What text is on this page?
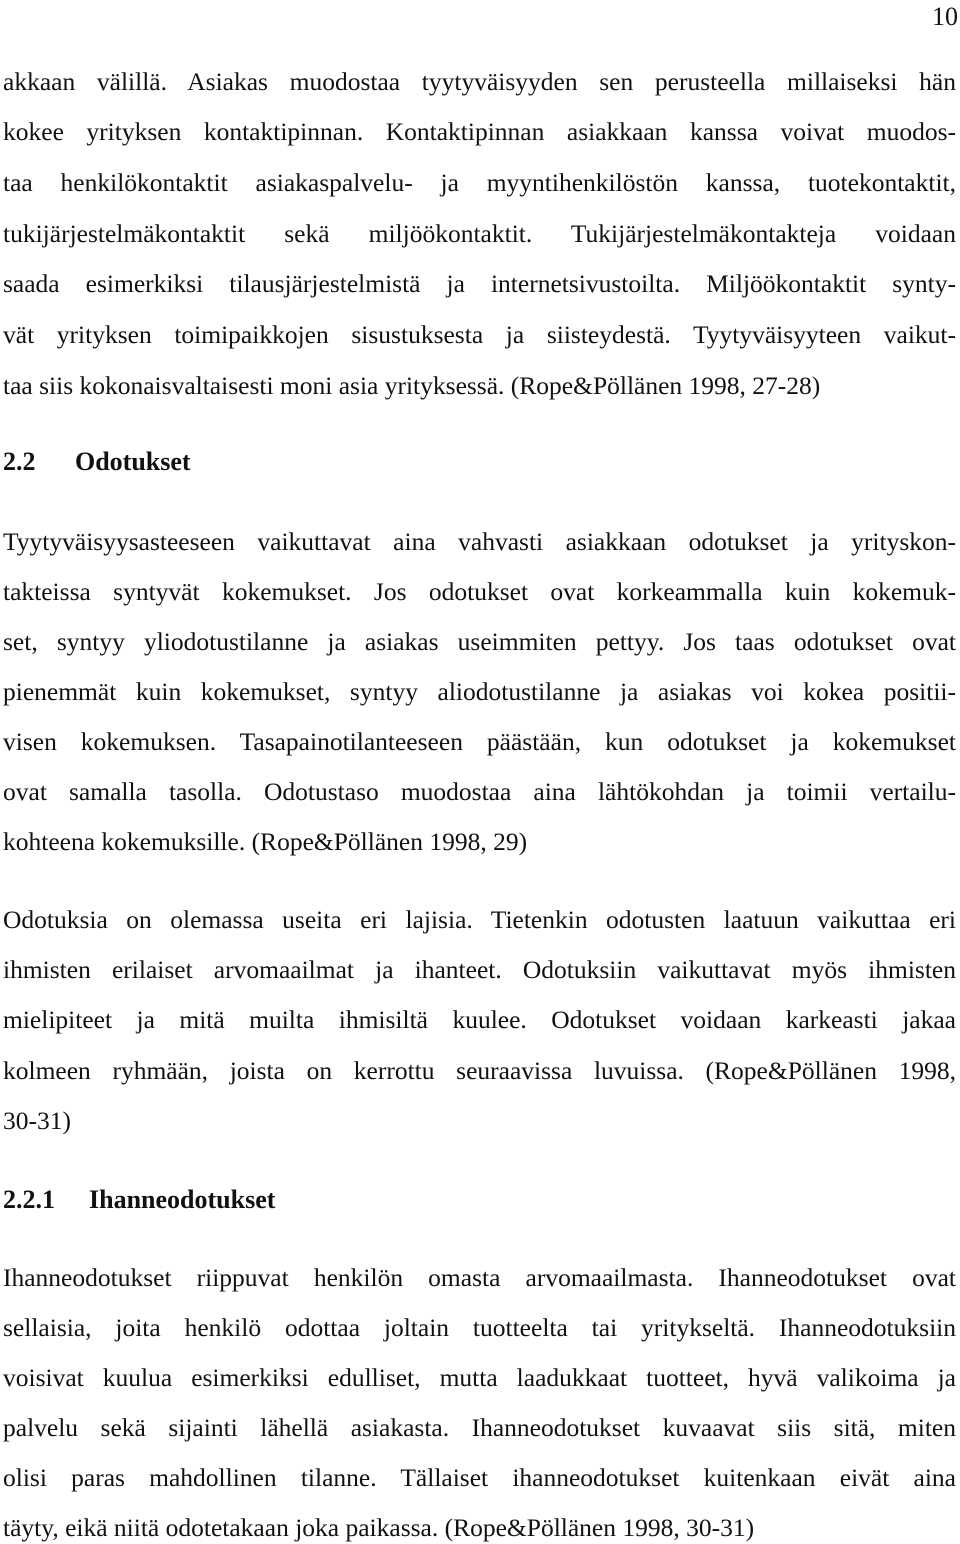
10
akkaan välillä. Asiakas muodostaa tyytyväisyyden sen perusteella millaiseksi hän
kokee yrityksen kontaktipinnan. Kontaktipinnan asiakkaan kanssa voivat muodos-
taa henkilökontaktit asiakaspalvelu- ja myyntihenkilöstön kanssa, tuotekontaktit,
tukijärjestelmäkontaktit sekä miljöökontaktit. Tukijärjestelmäkontakteja voidaan
saada esimerkiksi tilausjärjestelmistä ja internetsivustoilta. Miljöökontaktit synty-
vät yrityksen toimipaikkojen sisustuksesta ja siisteydestä. Tyytyväisyyteen vaikut-
taa siis kokonaisvaltaisesti moni asia yrityksessä. (Rope&Pöllänen 1998, 27-28)
2.2 Odotukset
Tyytyväisyysasteeseen vaikuttavat aina vahvasti asiakkaan odotukset ja yrityskon-
takteissa syntyvät kokemukset. Jos odotukset ovat korkeammalla kuin kokemuk-
set, syntyy yliodotustilanne ja asiakas useimmiten pettyy. Jos taas odotukset ovat
pienemmät kuin kokemukset, syntyy aliodotustilanne ja asiakas voi kokea positii-
visen kokemuksen. Tasapainotilanteeseen päästään, kun odotukset ja kokemukset
ovat samalla tasolla. Odotustaso muodostaa aina lähtökohdan ja toimii vertailu-
kohteena kokemuksille. (Rope&Pöllänen 1998, 29)
Odotuksia on olemassa useita eri lajisia. Tietenkin odotusten laatuun vaikuttaa eri
ihmisten erilaiset arvomaailmat ja ihanteet. Odotuksiin vaikuttavat myös ihmisten
mielipiteet ja mitä muilta ihmisiltä kuulee. Odotukset voidaan karkeasti jakaa
kolmeen ryhmään, joista on kerrottu seuraavissa luvuissa. (Rope&Pöllänen 1998,
30-31)
2.2.1 Ihanneodotukset
Ihanneodotukset riippuvat henkilön omasta arvomaailmasta. Ihanneodotukset ovat
sellaisia, joita henkilö odottaa joltain tuotteelta tai yritykseltä. Ihanneodotuksiin
voisivat kuulua esimerkiksi edulliset, mutta laadukkaat tuotteet, hyvä valikoima ja
palvelu sekä sijainti lähellä asiakasta. Ihanneodotukset kuvaavat siis sitä, miten
olisi paras mahdollinen tilanne. Tällaiset ihanneodotukset kuitenkaan eivät aina
täyty, eikä niitä odotetakaan joka paikassa. (Rope&Pöllänen 1998, 30-31)
